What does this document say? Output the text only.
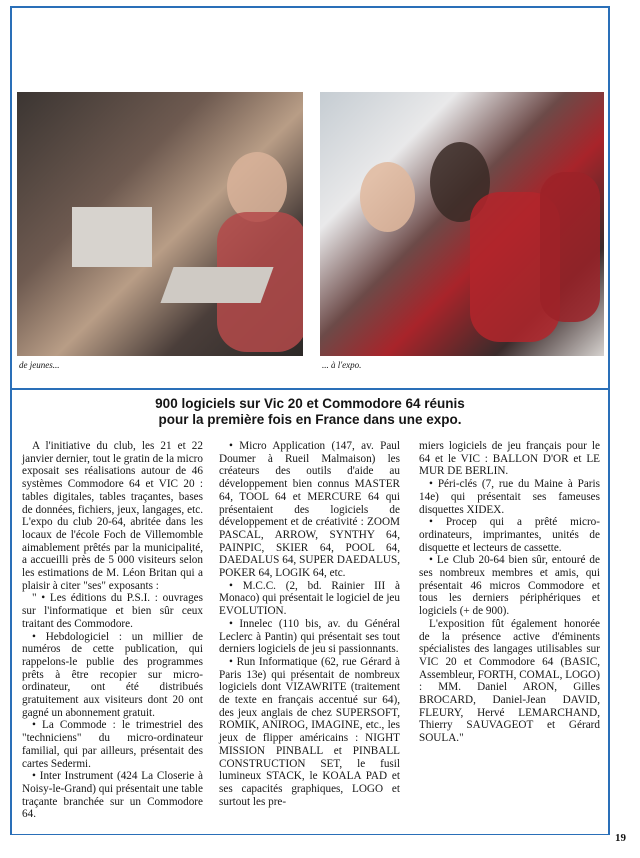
de jeunes...	... à l'expo.
900 logiciels sur Vic 20 et Commodore 64 réunis
pour la première fois en France dans une expo.

A l'initiative du club, les 21 et 22 janvier dernier, tout le gratin de la micro exposait ses réalisations autour de 46 systèmes Commodore 64 et VIC 20 : tables digitales, tables traçantes, bases de données, fichiers, jeux, langages, etc. L'expo du club 20-64, abritée dans les locaux de l'école Foch de Villemomble aimablement prêtés par la municipalité, a accueilli près de 5 000 visiteurs selon les estimations de M. Léon Britan qui a plaisir à citer "ses" exposants :

" • Les éditions du P.S.I. : ouvrages sur l'informatique et bien sûr ceux traitant des Commodore.

• Hebdologiciel : un millier de numéros de cette publication, qui rappelons-le publie des programmes prêts à être recopier sur micro-ordinateur, ont été distribués gratuitement aux visiteurs dont 20 ont gagné un abonnement gratuit.

• La Commode : le trimestriel des "techniciens" du micro-ordinateur familial, qui par ailleurs, présentait des cartes Sedermi.

• Inter Instrument (424 La Closerie à Noisy-le-Grand) qui présentait une table traçante branchée sur un Commodore 64.

• Micro Application (147, av. Paul Doumer à Rueil Malmaison) les créateurs des outils d'aide au développement bien connus MASTER 64, TOOL 64 et MERCURE 64 qui présentaient des logiciels de développement et de créativité : ZOOM PASCAL, ARROW, SYNTHY 64, PAINPIC, SKIER 64, POOL 64, DAEDALUS 64, SUPER DAEDALUS, POKER 64, LOGIK 64, etc.

• M.C.C. (2, bd. Rainier III à Monaco) qui présentait le logiciel de jeu EVOLUTION.

• Innelec (110 bis, av. du Général Leclerc à Pantin) qui présentait ses tout derniers logiciels de jeu si passionnants.

• Run Informatique (62, rue Gérard à Paris 13e) qui présentait de nombreux logiciels dont VIZAWRITE (traitement de texte en français accentué sur 64), des jeux anglais de chez SUPERSOFT, ROMIK, ANIROG, IMAGINE, etc., les jeux de flipper américains : NIGHT MISSION PINBALL et PINBALL CONSTRUCTION SET, le fusil lumineux STACK, le KOALA PAD et ses capacités graphiques, LOGO et surtout les pre-

miers logiciels de jeu français pour le 64 et le VIC : BALLON D'OR et LE MUR DE BERLIN.

• Péri-clés (7, rue du Maine à Paris 14e) qui présentait ses fameuses disquettes XIDEX.

• Procep qui a prêté micro-ordinateurs, imprimantes, unités de disquette et lecteurs de cassette.

• Le Club 20-64 bien sûr, entouré de ses nombreux membres et amis, qui présentait 46 micros Commodore et tous les derniers périphériques et logiciels (+ de 900).

L'exposition fût également honorée de la présence active d'éminents spécialistes des langages utilisables sur VIC 20 et Commodore 64 (BASIC, Assembleur, FORTH, COMAL, LOGO) : MM. Daniel ARON, Gilles BROCARD, Daniel-Jean DAVID, FLEURY, Hervé LEMARCHAND, Thierry SAUVAGEOT et Gérard SOULA."

19
